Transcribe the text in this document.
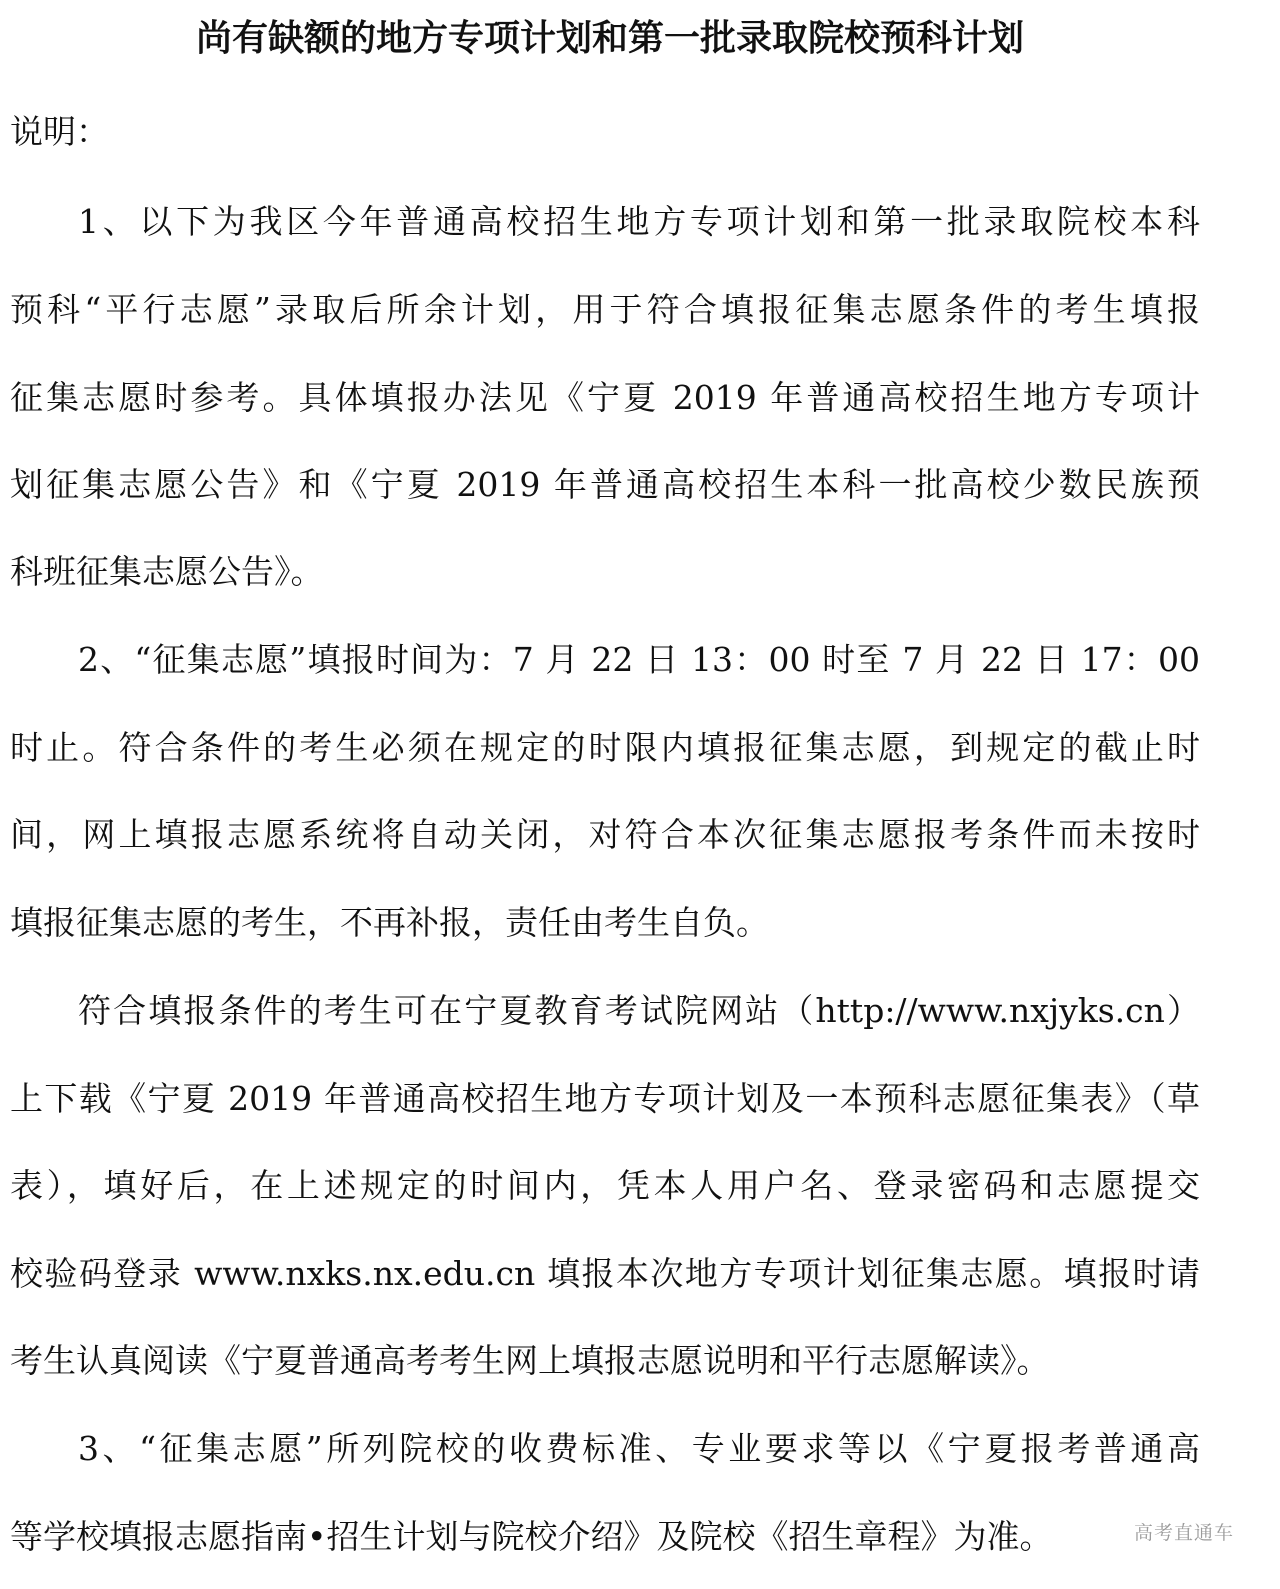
尚有缺额的地方专项计划和第一批录取院校预科计划

说明：

1、以下为我区今年普通高校招生地方专项计划和第一批录取院校本科

预科“平行志愿”录取后所余计划，用于符合填报征集志愿条件的考生填报

征集志愿时参考。具体填报办法见《宁夏 2019 年普通高校招生地方专项计

划征集志愿公告》和《宁夏 2019 年普通高校招生本科一批高校少数民族预

科班征集志愿公告》。

2、“征集志愿”填报时间为：7 月 22 日 13：00 时至 7 月 22 日 17：00

时止。符合条件的考生必须在规定的时限内填报征集志愿，到规定的截止时

间，网上填报志愿系统将自动关闭，对符合本次征集志愿报考条件而未按时

填报征集志愿的考生，不再补报，责任由考生自负。

符合填报条件的考生可在宁夏教育考试院网站（http://www.nxjyks.cn）

上下载《宁夏 2019 年普通高校招生地方专项计划及一本预科志愿征集表》（草

表），填好后，在上述规定的时间内，凭本人用户名、登录密码和志愿提交

校验码登录 www.nxks.nx.edu.cn 填报本次地方专项计划征集志愿。填报时请

考生认真阅读《宁夏普通高考考生网上填报志愿说明和平行志愿解读》。

3、“征集志愿”所列院校的收费标准、专业要求等以《宁夏报考普通高

等学校填报志愿指南•招生计划与院校介绍》及院校《招生章程》为准。	高考直通车
